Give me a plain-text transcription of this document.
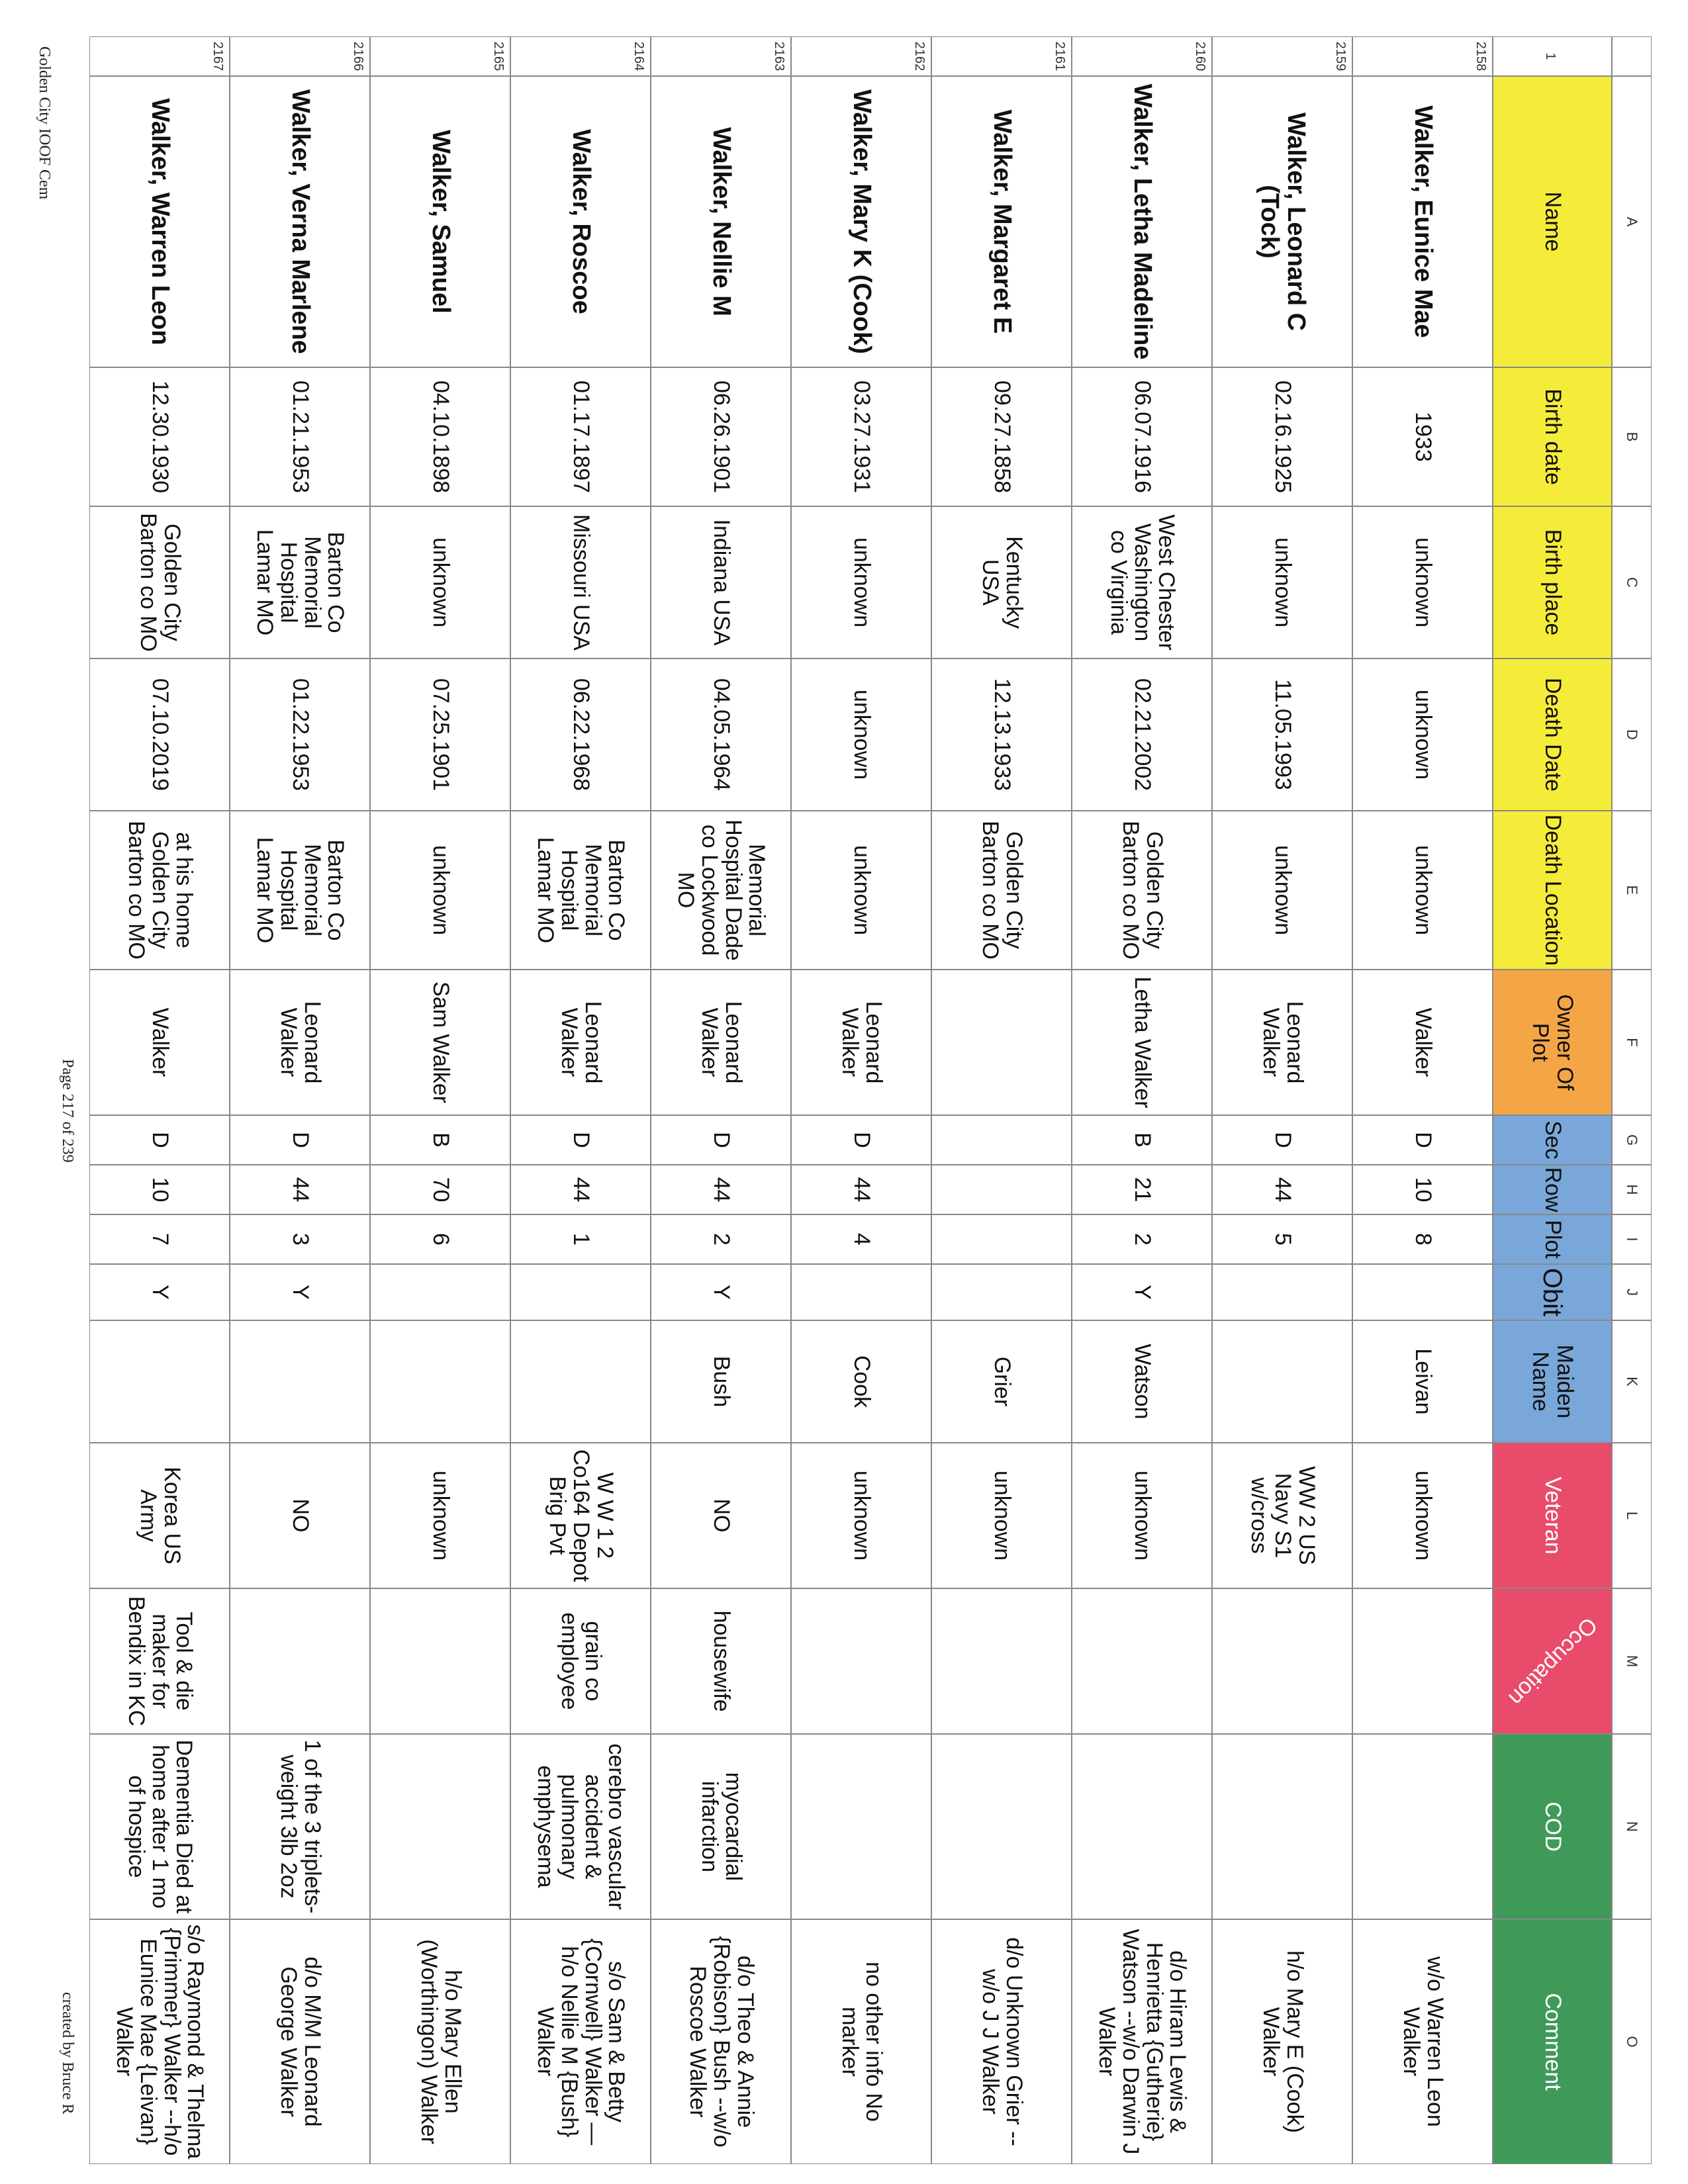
1
A
Name
B
Birth date
C
Birth place
D
Death Date
E
Death Location
F
Owner Of Plot
G
Sec
H
Row
I
Plot
J
Obit
K
Maiden Name
L
Veteran
M
Occupation
N
COD
O
Comment
2158
Walker, Eunice Mae
1933
unknown
unknown
unknown
Walker
D
10
8
Leivan
unknown
w/o Warren Leon Walker
2159
Walker, Leonard C (Tock)
02.16.1925
unknown
11.05.1993
unknown
Leonard Walker
D
44
5
WW 2 US Navy S1 w/cross
h/o Mary E (Cook) Walker
2160
Walker, Letha Madeline
06.07.1916
West Chester Washington co Virginia
02.21.2002
Golden City Barton co MO
Letha Walker
B
21
2
Y
Watson
unknown
d/o Hiram Lewis & Henrietta {Gutherie} Watson --w/o Darwin J Walker
2161
Walker, Margaret E
09.27.1858
Kentucky USA
12.13.1933
Golden City Barton co MO
Grier
unknown
d/o Unknown Grier --w/o J J Walker
2162
Walker, Mary K (Cook)
03.27.1931
unknown
unknown
unknown
Leonard Walker
D
44
4
Cook
unknown
no other info No marker
2163
Walker, Nellie M
06.26.1901
Indiana USA
04.05.1964
Memorial Hospital Dade co Lockwood MO
Leonard Walker
D
44
2
Y
Bush
NO
housewife
myocardial infarction
d/o Theo & Annie {Robison} Bush --w/o Roscoe Walker
2164
Walker, Roscoe
01.17.1897
Missouri USA
06.22.1968
Barton Co Memorial Hospital Lamar MO
Leonard Walker
D
44
1
W W 1 2 Co164 Depot Brig Pvt
grain co employee
cerebro vascular accident & pulmonary emphysema
s/o Sam & Betty {Cornwell} Walker —h/o Nellie M {Bush} Walker
2165
Walker, Samuel
04.10.1898
unknown
07.25.1901
unknown
Sam Walker
B
70
6
unknown
h/o Mary Ellen (Worthingon) Walker
2166
Walker, Verna Marlene
01.21.1953
Barton Co Memorial Hospital Lamar MO
01.22.1953
Barton Co Memorial Hospital Lamar MO
Leonard Walker
D
44
3
Y
NO
1 of the 3 triplets- weight 3lb 2oz
d/o M/M Leonard George Walker
2167
Walker, Warren Leon
12.30.1930
Golden City Barton co MO
07.10.2019
at his home Golden City Barton co MO
Walker
D
10
7
Y
Korea US Army
Tool & die maker for Bendix in KC
Dementia Died at home after 1 mo of hospice
s/o Raymond & Thelma {Primmer} Walker --h/o Eunice Mae {Leivan} Walker
Golden City IOOF Cem
Page 217 of 239
created by Bruce R
